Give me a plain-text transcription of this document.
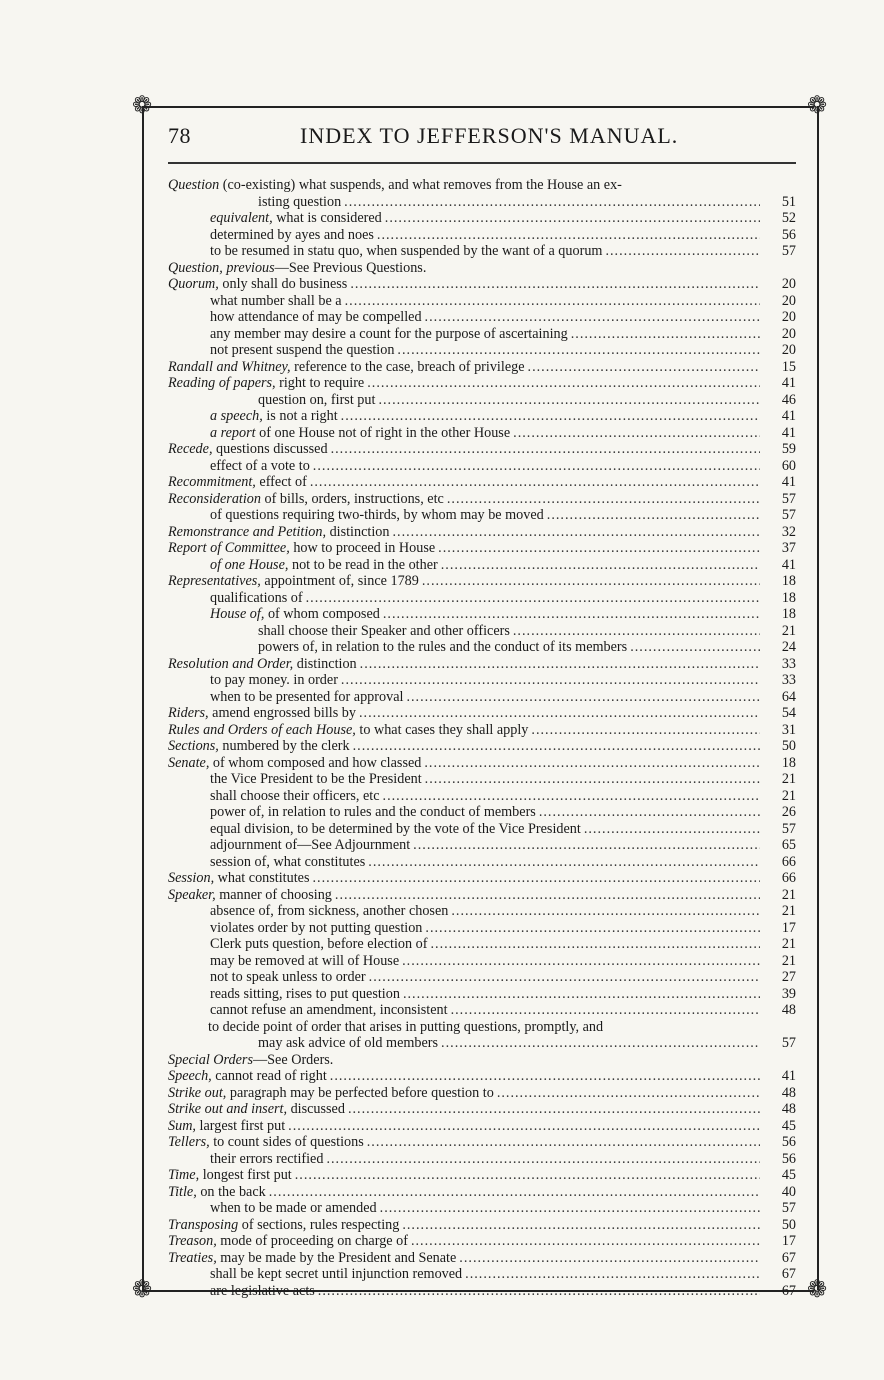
❁	❁
❁	❁
78	INDEX TO JEFFERSON'S MANUAL.
Question (co-existing) what suspends, and what removes from the House an ex-
isting question .....	51
equivalent, what is considered .....	52
determined by ayes and noes .....	56
to be resumed in statu quo, when suspended by the want of a quorum .....	57
Question, previous—See Previous Questions.
Quorum, only shall do business .....	20
what number shall be a .....	20
how attendance of may be compelled .....	20
any member may desire a count for the purpose of ascertaining .....	20
not present suspend the question .....	20
Randall and Whitney, reference to the case, breach of privilege .....	15
Reading of papers, right to require .....	41
question on, first put .....	46
a speech, is not a right .....	41
a report of one House not of right in the other House .....	41
Recede, questions discussed .....	59
effect of a vote to .....	60
Recommitment, effect of .....	41
Reconsideration of bills, orders, instructions, etc .....	57
of questions requiring two-thirds, by whom may be moved .....	57
Remonstrance and Petition, distinction .....	32
Report of Committee, how to proceed in House .....	37
of one House, not to be read in the other .....	41
Representatives, appointment of, since 1789 .....	18
qualifications of .....	18
House of, of whom composed .....	18
shall choose their Speaker and other officers .....	21
powers of, in relation to the rules and the conduct of its members .....	24
Resolution and Order, distinction .....	33
to pay money. in order .....	33
when to be presented for approval .....	64
Riders, amend engrossed bills by .....	54
Rules and Orders of each House, to what cases they shall apply .....	31
Sections, numbered by the clerk .....	50
Senate, of whom composed and how classed .....	18
the Vice President to be the President .....	21
shall choose their officers, etc .....	21
power of, in relation to rules and the conduct of members .....	26
equal division, to be determined by the vote of the Vice President .....	57
adjournment of—See Adjournment .....	65
session of, what constitutes .....	66
Session, what constitutes .....	66
Speaker, manner of choosing .....	21
absence of, from sickness, another chosen .....	21
violates order by not putting question .....	17
Clerk puts question, before election of .....	21
may be removed at will of House .....	21
not to speak unless to order .....	27
reads sitting, rises to put question .....	39
cannot refuse an amendment, inconsistent .....	48
to decide point of order that arises in putting questions, promptly, and
may ask advice of old members .....	57
Special Orders—See Orders.
Speech, cannot read of right .....	41
Strike out, paragraph may be perfected before question to .....	48
Strike out and insert, discussed .....	48
Sum, largest first put .....	45
Tellers, to count sides of questions .....	56
their errors rectified .....	56
Time, longest first put .....	45
Title, on the back .....	40
when to be made or amended .....	57
Transposing of sections, rules respecting .....	50
Treason, mode of proceeding on charge of .....	17
Treaties, may be made by the President and Senate .....	67
shall be kept secret until injunction removed .....	67
are legislative acts .....	67
